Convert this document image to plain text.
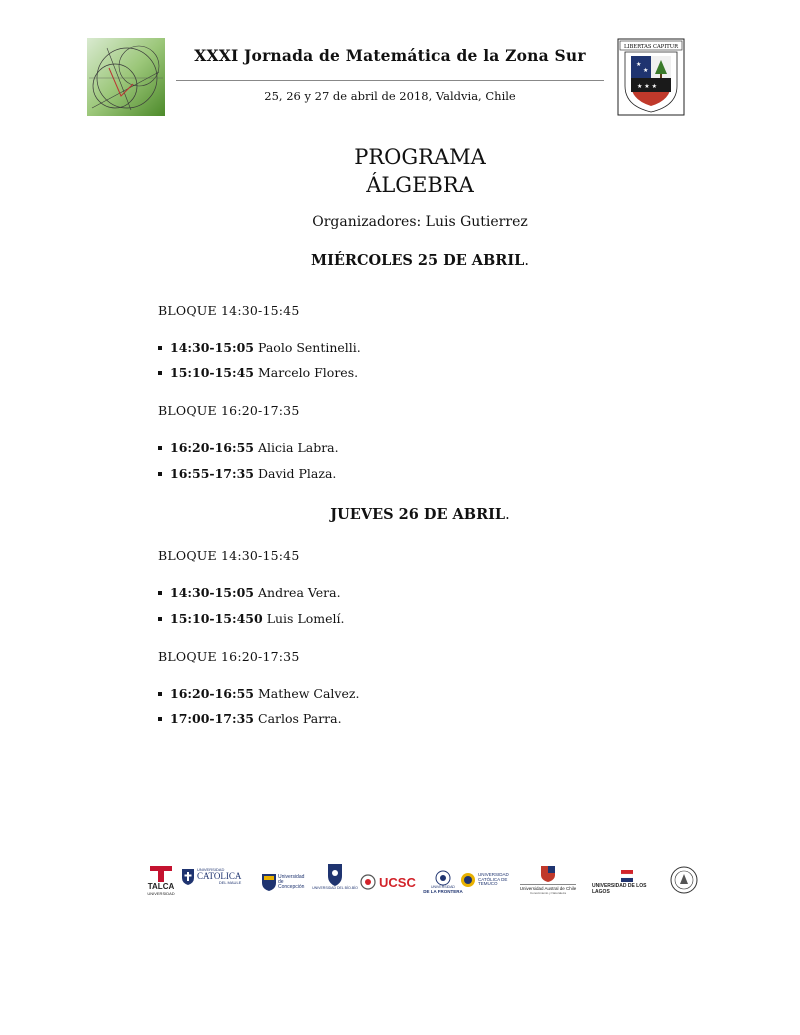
LIBERTAS CAPITUR
★
★
★ ★ ★
XXXI Jornada de Matemática de la Zona Sur
25, 26 y 27 de abril de 2018, Valdvia, Chile
PROGRAMA
ÁLGEBRA
Organizadores: Luis Gutierrez
MIÉRCOLES 25 DE ABRIL.
BLOQUE 14:30-15:45
14:30-15:05 Paolo Sentinelli.
15:10-15:45 Marcelo Flores.
BLOQUE 16:20-17:35
16:20-16:55 Alicia Labra.
16:55-17:35 David Plaza.
JUEVES 26 DE ABRIL.
BLOQUE 14:30-15:45
14:30-15:05 Andrea Vera.
15:10-15:450 Luis Lomelí.
BLOQUE 16:20-17:35
16:20-16:55 Mathew Calvez.
17:00-17:35 Carlos Parra.
TALCA
UNIVERSIDAD
UNIVERSIDAD
CATOLICA
DEL MAULE
Universidad de Concepción	UNIVERSIDAD DEL BÍO-BÍO UCSC	UNIVERSIDAD
DE LA FRONTERA
UNIVERSIDAD
CATÓLICA DE
TEMUCO
Universidad Austral de Chile
Conocimiento y Naturaleza
UNIVERSIDAD DE LOS LAGOS
